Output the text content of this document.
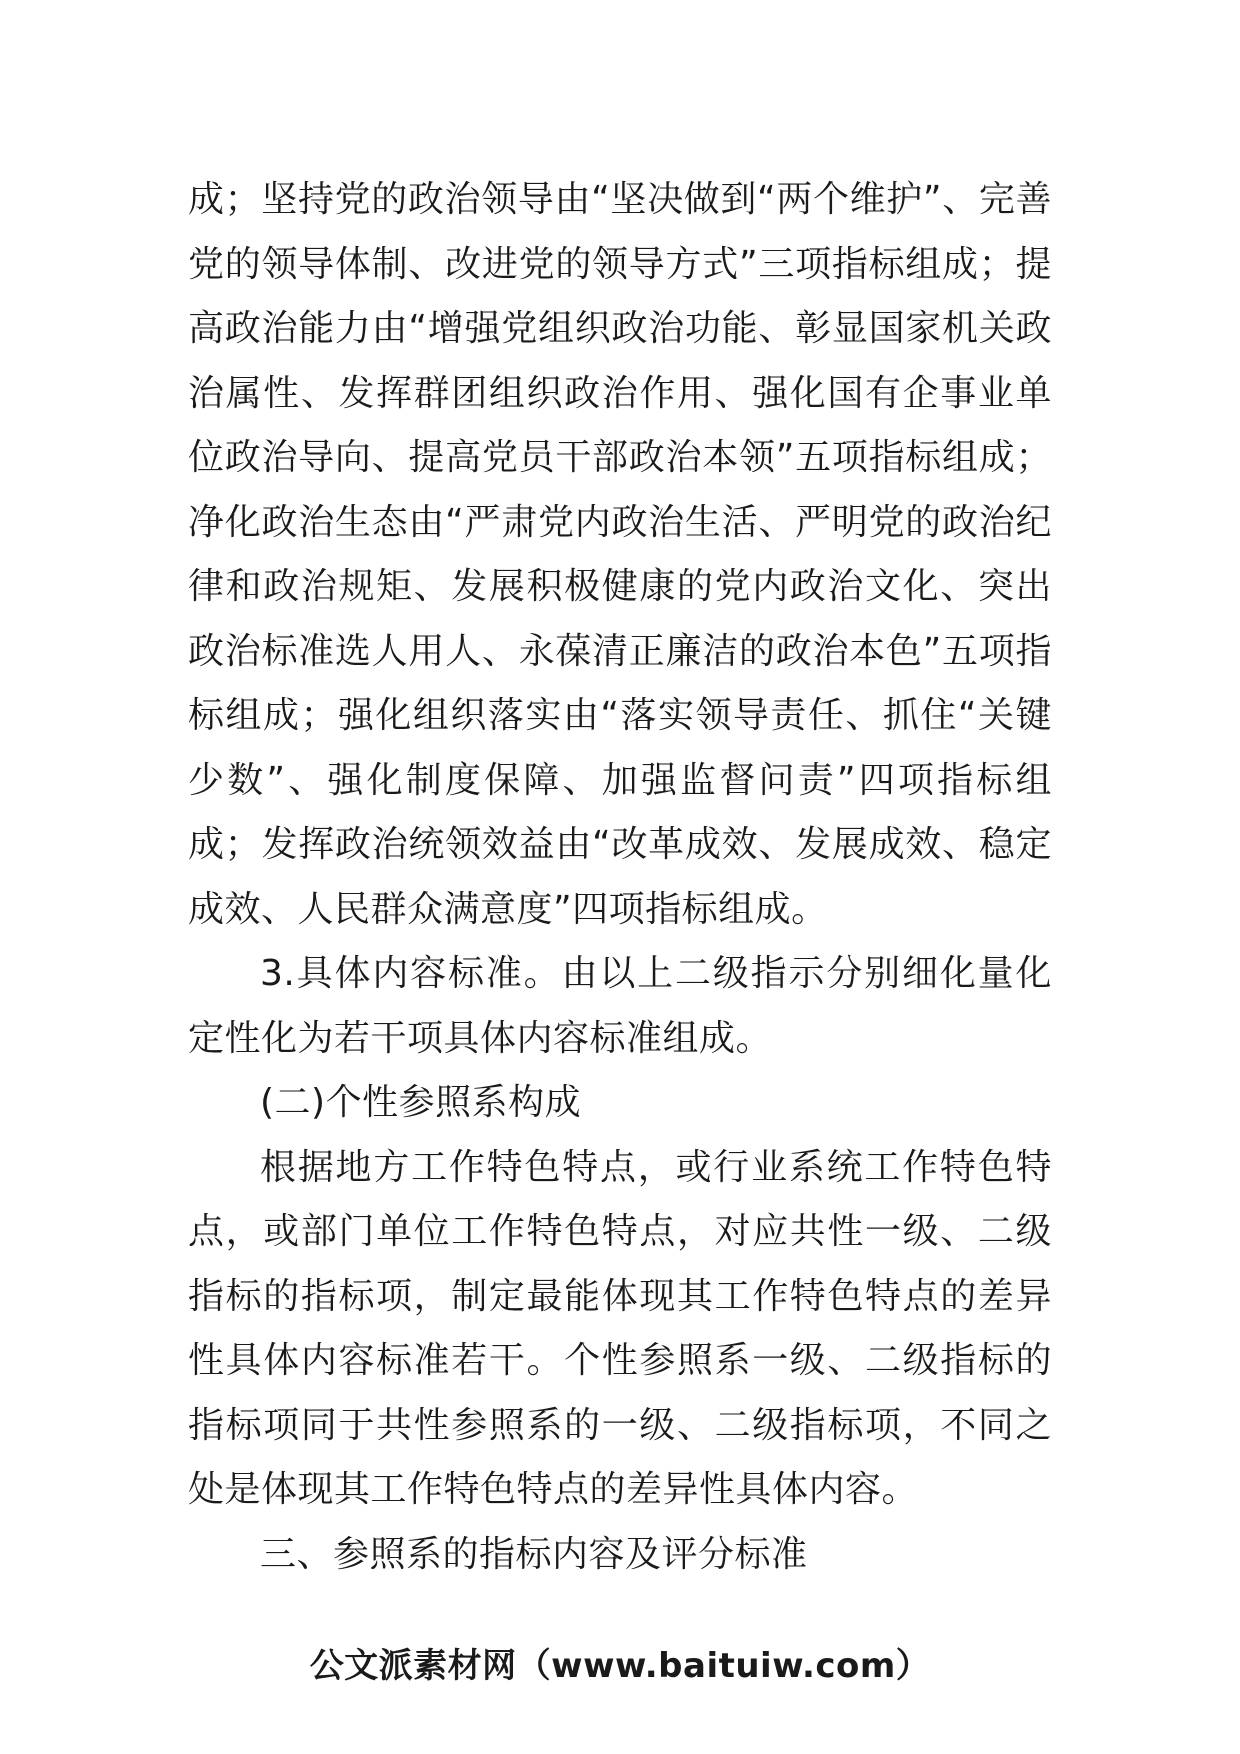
成；坚持党的政治领导由“坚决做到“两个维护”、完善党的领导体制、改进党的领导方式”三项指标组成；提高政治能力由“增强党组织政治功能、彰显国家机关政治属性、发挥群团组织政治作用、强化国有企事业单位政治导向、提高党员干部政治本领”五项指标组成；净化政治生态由“严肃党内政治生活、严明党的政治纪律和政治规矩、发展积极健康的党内政治文化、突出政治标准选人用人、永葆清正廉洁的政治本色”五项指标组成；强化组织落实由“落实领导责任、抓住“关键少数”、强化制度保障、加强监督问责”四项指标组成；发挥政治统领效益由“改革成效、发展成效、稳定成效、人民群众满意度”四项指标组成。

3.具体内容标准。由以上二级指示分别细化量化定性化为若干项具体内容标准组成。

(二)个性参照系构成

根据地方工作特色特点，或行业系统工作特色特点，或部门单位工作特色特点，对应共性一级、二级指标的指标项，制定最能体现其工作特色特点的差异性具体内容标准若干。个性参照系一级、二级指标的指标项同于共性参照系的一级、二级指标项，不同之处是体现其工作特色特点的差异性具体内容。

三、参照系的指标内容及评分标准

公文派素材网（www.baituiw.com）
